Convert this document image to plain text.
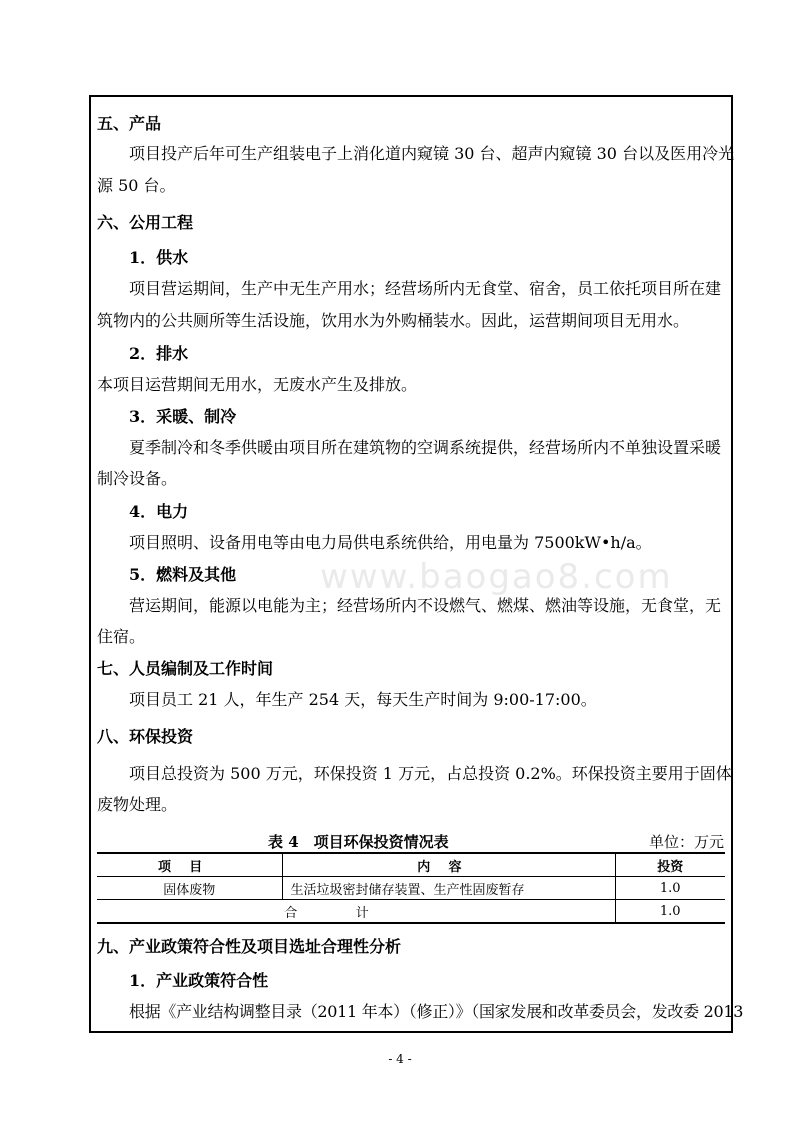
五、产品
项目投产后年可生产组装电子上消化道内窥镜 30 台、超声内窥镜 30 台以及医用冷光
源 50 台。
六、公用工程
1．供水
项目营运期间，生产中无生产用水；经营场所内无食堂、宿舍，员工依托项目所在建
筑物内的公共厕所等生活设施，饮用水为外购桶装水。因此，运营期间项目无用水。
2．排水
本项目运营期间无用水，无废水产生及排放。
3．采暖、制冷
夏季制冷和冬季供暖由项目所在建筑物的空调系统提供，经营场所内不单独设置采暖
制冷设备。
4．电力
项目照明、设备用电等由电力局供电系统供给，用电量为 7500kW•h/a。
www.baogao8.com
5．燃料及其他
营运期间，能源以电能为主；经营场所内不设燃气、燃煤、燃油等设施，无食堂，无
住宿。
七、人员编制及工作时间
项目员工 21 人，年生产 254 天，每天生产时间为 9:00-17:00。
八、环保投资
项目总投资为 500 万元，环保投资 1 万元，占总投资 0.2%。环保投资主要用于固体
废物处理。
表 4　项目环保投资情况表	单位：万元
项目	内容	投资
固体废物	生活垃圾密封储存装置、生产性固废暂存	1.0
合计		1.0
九、产业政策符合性及项目选址合理性分析
1．产业政策符合性
根据《产业结构调整目录（2011 年本）（修正）》（国家发展和改革委员会，发改委 2013
- 4 -
